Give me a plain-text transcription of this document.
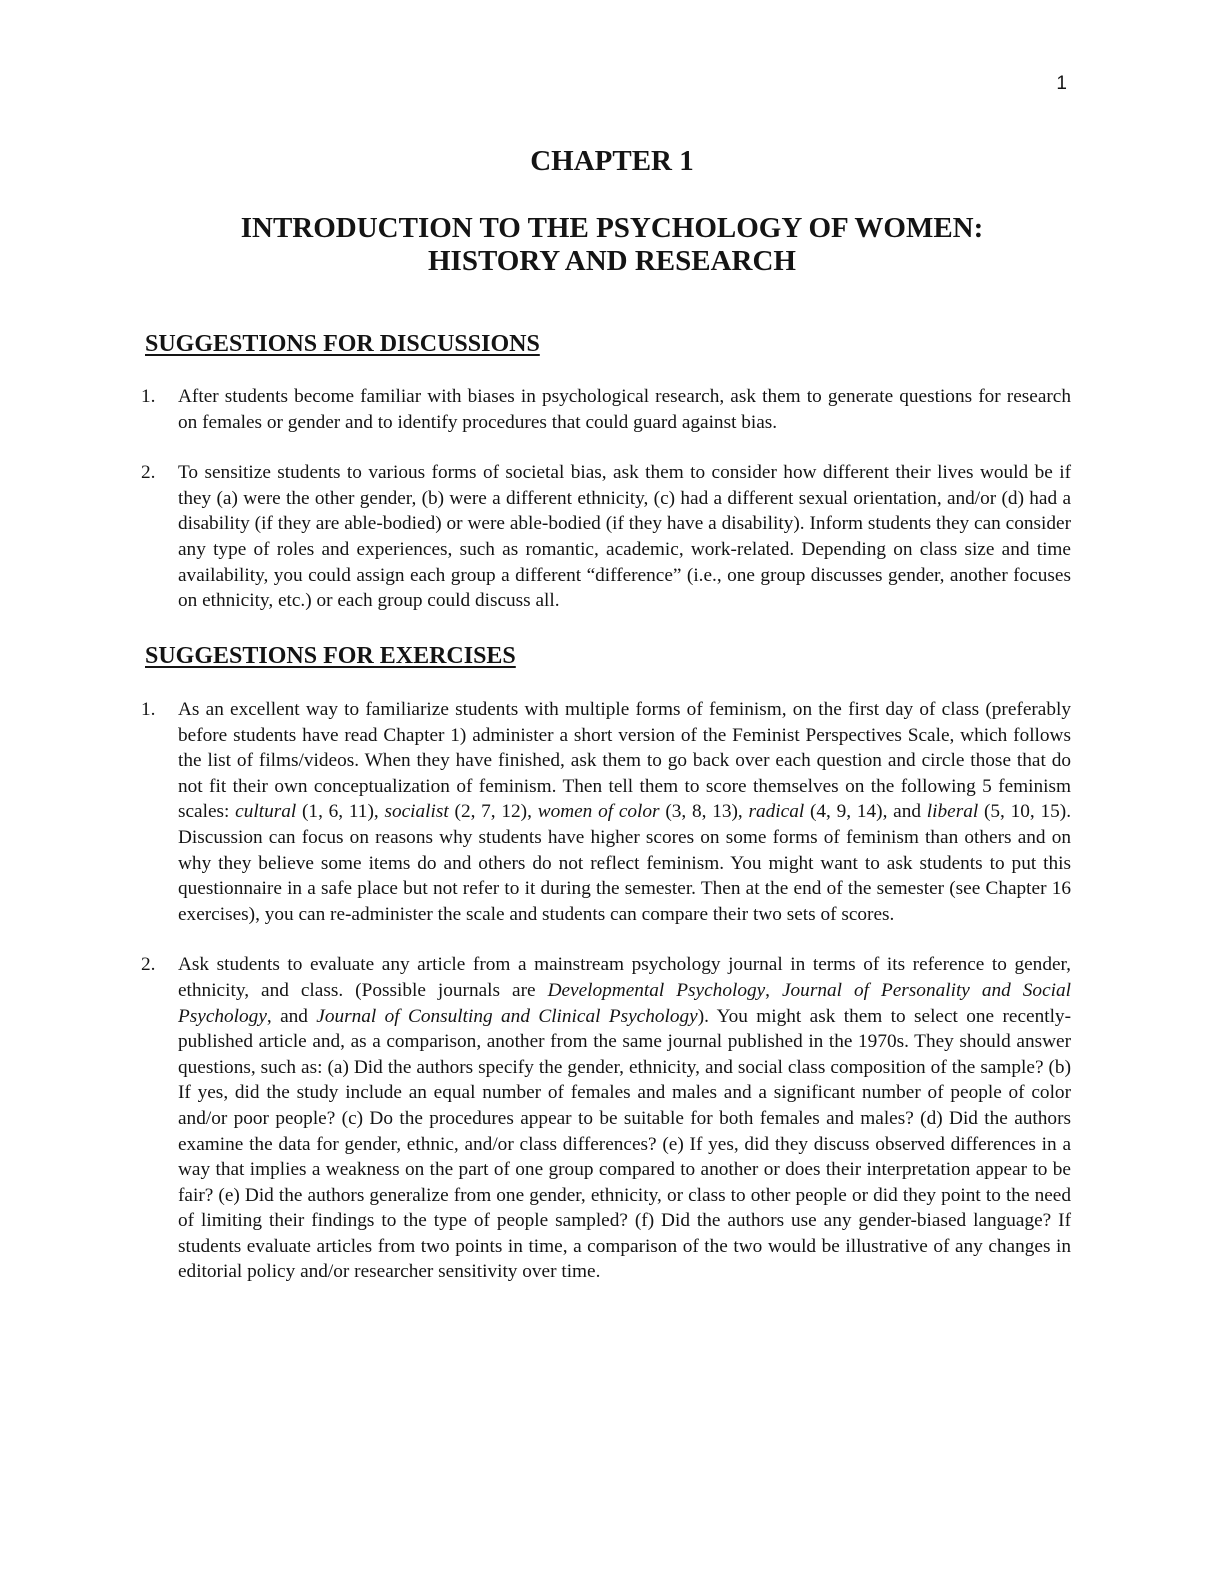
1
CHAPTER 1
INTRODUCTION TO THE PSYCHOLOGY OF WOMEN:
HISTORY AND RESEARCH
SUGGESTIONS FOR DISCUSSIONS
1. After students become familiar with biases in psychological research, ask them to generate questions for research on females or gender and to identify procedures that could guard against bias.
2. To sensitize students to various forms of societal bias, ask them to consider how different their lives would be if they (a) were the other gender, (b) were a different ethnicity, (c) had a different sexual orientation, and/or (d) had a disability (if they are able-bodied) or were able-bodied (if they have a disability). Inform students they can consider any type of roles and experiences, such as romantic, academic, work-related. Depending on class size and time availability, you could assign each group a different “difference” (i.e., one group discusses gender, another focuses on ethnicity, etc.) or each group could discuss all.
SUGGESTIONS FOR EXERCISES
1. As an excellent way to familiarize students with multiple forms of feminism, on the first day of class (preferably before students have read Chapter 1) administer a short version of the Feminist Perspectives Scale, which follows the list of films/videos. When they have finished, ask them to go back over each question and circle those that do not fit their own conceptualization of feminism. Then tell them to score themselves on the following 5 feminism scales: cultural (1, 6, 11), socialist (2, 7, 12), women of color (3, 8, 13), radical (4, 9, 14), and liberal (5, 10, 15). Discussion can focus on reasons why students have higher scores on some forms of feminism than others and on why they believe some items do and others do not reflect feminism. You might want to ask students to put this questionnaire in a safe place but not refer to it during the semester. Then at the end of the semester (see Chapter 16 exercises), you can re-administer the scale and students can compare their two sets of scores.
2. Ask students to evaluate any article from a mainstream psychology journal in terms of its reference to gender, ethnicity, and class. (Possible journals are Developmental Psychology, Journal of Personality and Social Psychology, and Journal of Consulting and Clinical Psychology). You might ask them to select one recently-published article and, as a comparison, another from the same journal published in the 1970s. They should answer questions, such as: (a) Did the authors specify the gender, ethnicity, and social class composition of the sample? (b) If yes, did the study include an equal number of females and males and a significant number of people of color and/or poor people? (c) Do the procedures appear to be suitable for both females and males? (d) Did the authors examine the data for gender, ethnic, and/or class differences? (e) If yes, did they discuss observed differences in a way that implies a weakness on the part of one group compared to another or does their interpretation appear to be fair? (e) Did the authors generalize from one gender, ethnicity, or class to other people or did they point to the need of limiting their findings to the type of people sampled? (f) Did the authors use any gender-biased language? If students evaluate articles from two points in time, a comparison of the two would be illustrative of any changes in editorial policy and/or researcher sensitivity over time.
